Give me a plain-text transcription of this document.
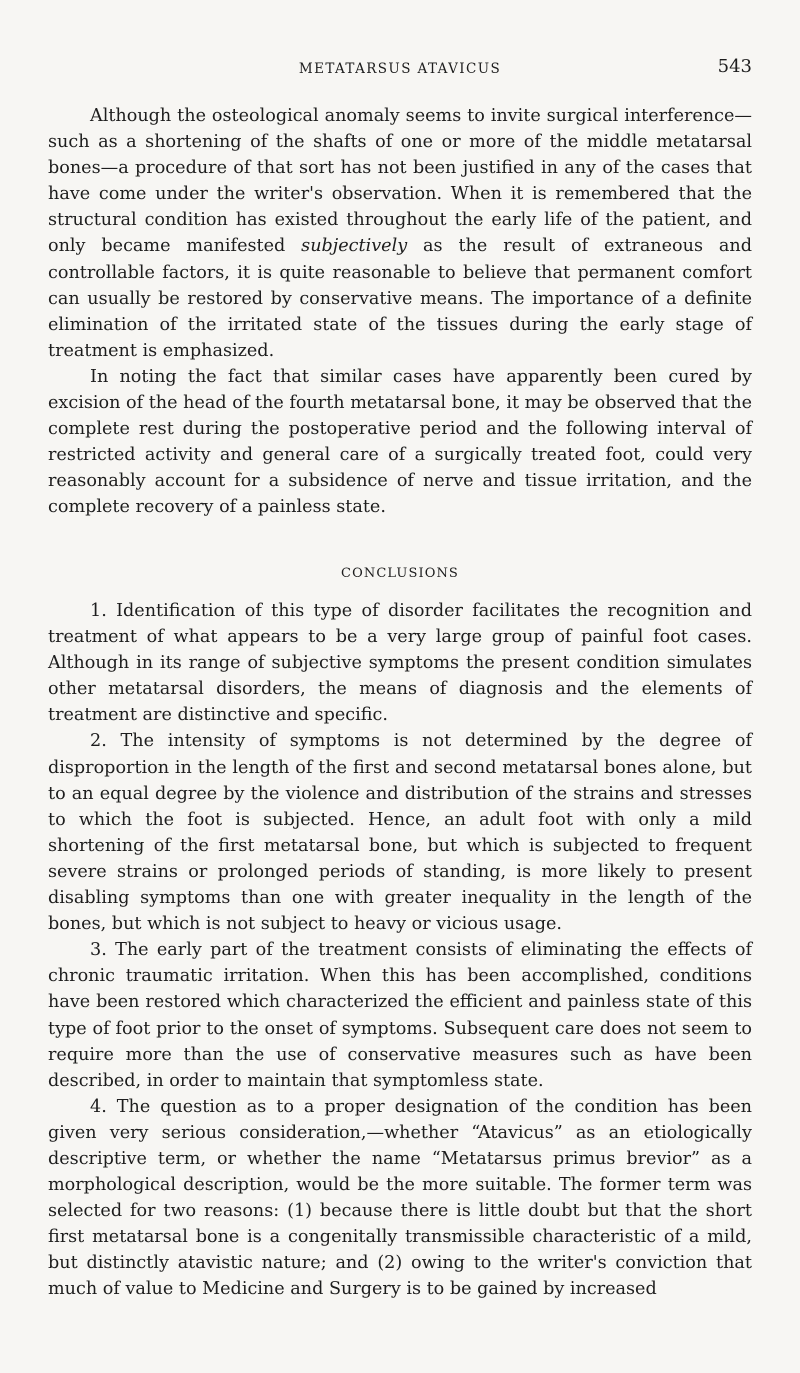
METATARSUS ATAVICUS	543

Although the osteological anomaly seems to invite surgical interference—such as a shortening of the shafts of one or more of the middle metatarsal bones—a procedure of that sort has not been justified in any of the cases that have come under the writer's observation. When it is remembered that the structural condition has existed throughout the early life of the patient, and only became manifested subjectively as the result of extraneous and controllable factors, it is quite reasonable to believe that permanent comfort can usually be restored by conservative means. The importance of a definite elimination of the irritated state of the tissues during the early stage of treatment is emphasized.

In noting the fact that similar cases have apparently been cured by excision of the head of the fourth metatarsal bone, it may be observed that the complete rest during the postoperative period and the following interval of restricted activity and general care of a surgically treated foot, could very reasonably account for a subsidence of nerve and tissue irritation, and the complete recovery of a painless state.

CONCLUSIONS

1. Identification of this type of disorder facilitates the recognition and treatment of what appears to be a very large group of painful foot cases. Although in its range of subjective symptoms the present condition simulates other metatarsal disorders, the means of diagnosis and the elements of treatment are distinctive and specific.

2. The intensity of symptoms is not determined by the degree of disproportion in the length of the first and second metatarsal bones alone, but to an equal degree by the violence and distribution of the strains and stresses to which the foot is subjected. Hence, an adult foot with only a mild shortening of the first metatarsal bone, but which is subjected to frequent severe strains or prolonged periods of standing, is more likely to present disabling symptoms than one with greater inequality in the length of the bones, but which is not subject to heavy or vicious usage.

3. The early part of the treatment consists of eliminating the effects of chronic traumatic irritation. When this has been accomplished, conditions have been restored which characterized the efficient and painless state of this type of foot prior to the onset of symptoms. Subsequent care does not seem to require more than the use of conservative measures such as have been described, in order to maintain that symptomless state.

4. The question as to a proper designation of the condition has been given very serious consideration,—whether “Atavicus” as an etiologically descriptive term, or whether the name “Metatarsus primus brevior” as a morphological description, would be the more suitable. The former term was selected for two reasons: (1) because there is little doubt but that the short first metatarsal bone is a congenitally transmissible characteristic of a mild, but distinctly atavistic nature; and (2) owing to the writer's conviction that much of value to Medicine and Surgery is to be gained by increased
